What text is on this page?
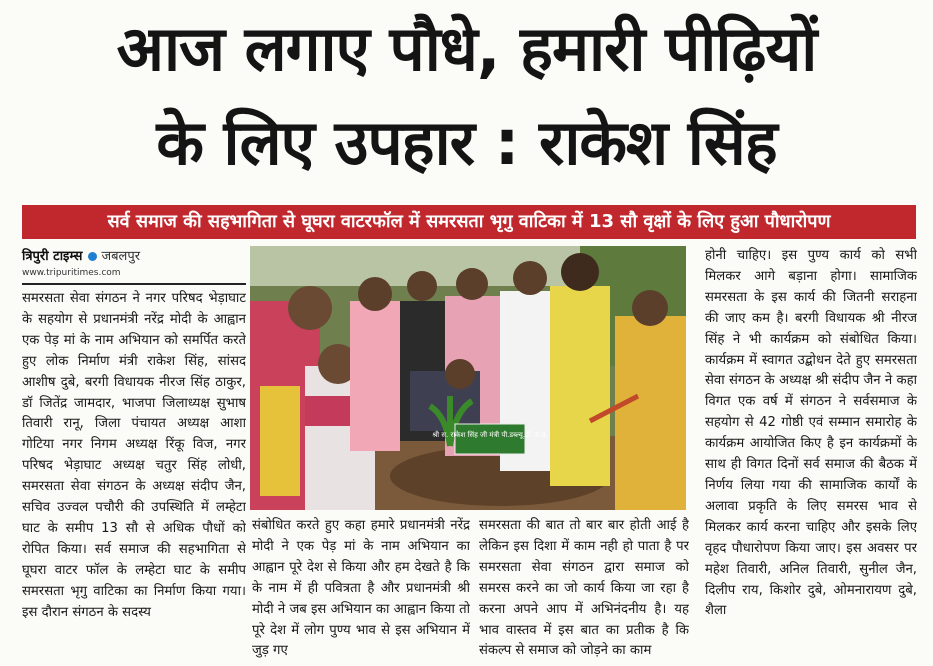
आज लगाए पौधे, हमारी पीढ़ियों
के लिए उपहार : राकेश सिंह
सर्व समाज की सहभागिता से घूघरा वाटरफॉल में समरसता भृगु वाटिका में 13 सौ वृक्षों के लिए हुआ पौधारोपण
त्रिपुरी टाइम्स जबलपुर
www.tripuritimes.com
समरसता सेवा संगठन ने नगर परिषद भेड़ाघाट के सहयोग से प्रधानमंत्री नरेंद्र मोदी के आह्वान एक पेड़ मां के नाम अभियान को समर्पित करते हुए लोक निर्माण मंत्री राकेश सिंह, सांसद आशीष दुबे, बरगी विधायक नीरज सिंह ठाकुर, डॉ जितेंद्र जामदार, भाजपा जिलाध्यक्ष सुभाष तिवारी रानू, जिला पंचायत अध्यक्ष आशा गोटिया नगर निगम अध्यक्ष रिंकू विज, नगर परिषद भेड़ाघाट अध्यक्ष चतुर सिंह लोधी, समरसता सेवा संगठन के अध्यक्ष संदीप जैन, सचिव उज्वल पचौरी की उपस्थिति में लम्हेटा घाट के समीप 13 सौ से अधिक पौधों को रोपित किया। सर्व समाज की सहभागिता से घूघरा वाटर फॉल के लम्हेटा घाट के समीप समरसता भृगु वाटिका का निर्माण किया गया। इस दौरान संगठन के सदस्य
श्री स. राकेश सिंह जी मंत्री पी.डब्ल्यू.डी. म.प्र.
संबोधित करते हुए कहा हमारे प्रधानमंत्री नरेंद्र मोदी ने एक पेड़ मां के नाम अभियान का आह्वान पूरे देश से किया और हम देखते है कि के नाम में ही पवित्रता है और प्रधानमंत्री श्री मोदी ने जब इस अभियान का आह्वान किया तो पूरे देश में लोग पुण्य भाव से इस अभियान में जुड़ गए
समरसता की बात तो बार बार होती आई है लेकिन इस दिशा में काम नही हो पाता है पर समरसता सेवा संगठन द्वारा समाज को समरस करने का जो कार्य किया जा रहा है करना अपने आप में अभिनंदनीय है। यह भाव वास्तव में इस बात का प्रतीक है कि संकल्प से समाज को जोड़ने का काम
होनी चाहिए। इस पुण्य कार्य को सभी मिलकर आगे बड़ाना होगा। सामाजिक समरसता के इस कार्य की जितनी सराहना की जाए कम है। बरगी विधायक श्री नीरज सिंह ने भी कार्यक्रम को संबोधित किया। कार्यक्रम में स्वागत उद्बोधन देते हुए समरसता सेवा संगठन के अध्यक्ष श्री संदीप जैन ने कहा विगत एक वर्ष में संगठन ने सर्वसमाज के सहयोग से 42 गोष्ठी एवं सम्मान समारोह के कार्यक्रम आयोजित किए है इन कार्यक्रमों के साथ ही विगत दिनों सर्व समाज की बैठक में निर्णय लिया गया की सामाजिक कार्यों के अलावा प्रकृति के लिए समरस भाव से मिलकर कार्य करना चाहिए और इसके लिए वृहद पौधारोपण किया जाए। इस अवसर पर महेश तिवारी, अनिल तिवारी, सुनील जैन, दिलीप राय, किशोर दुबे, ओमनारायण दुबे, शैला
